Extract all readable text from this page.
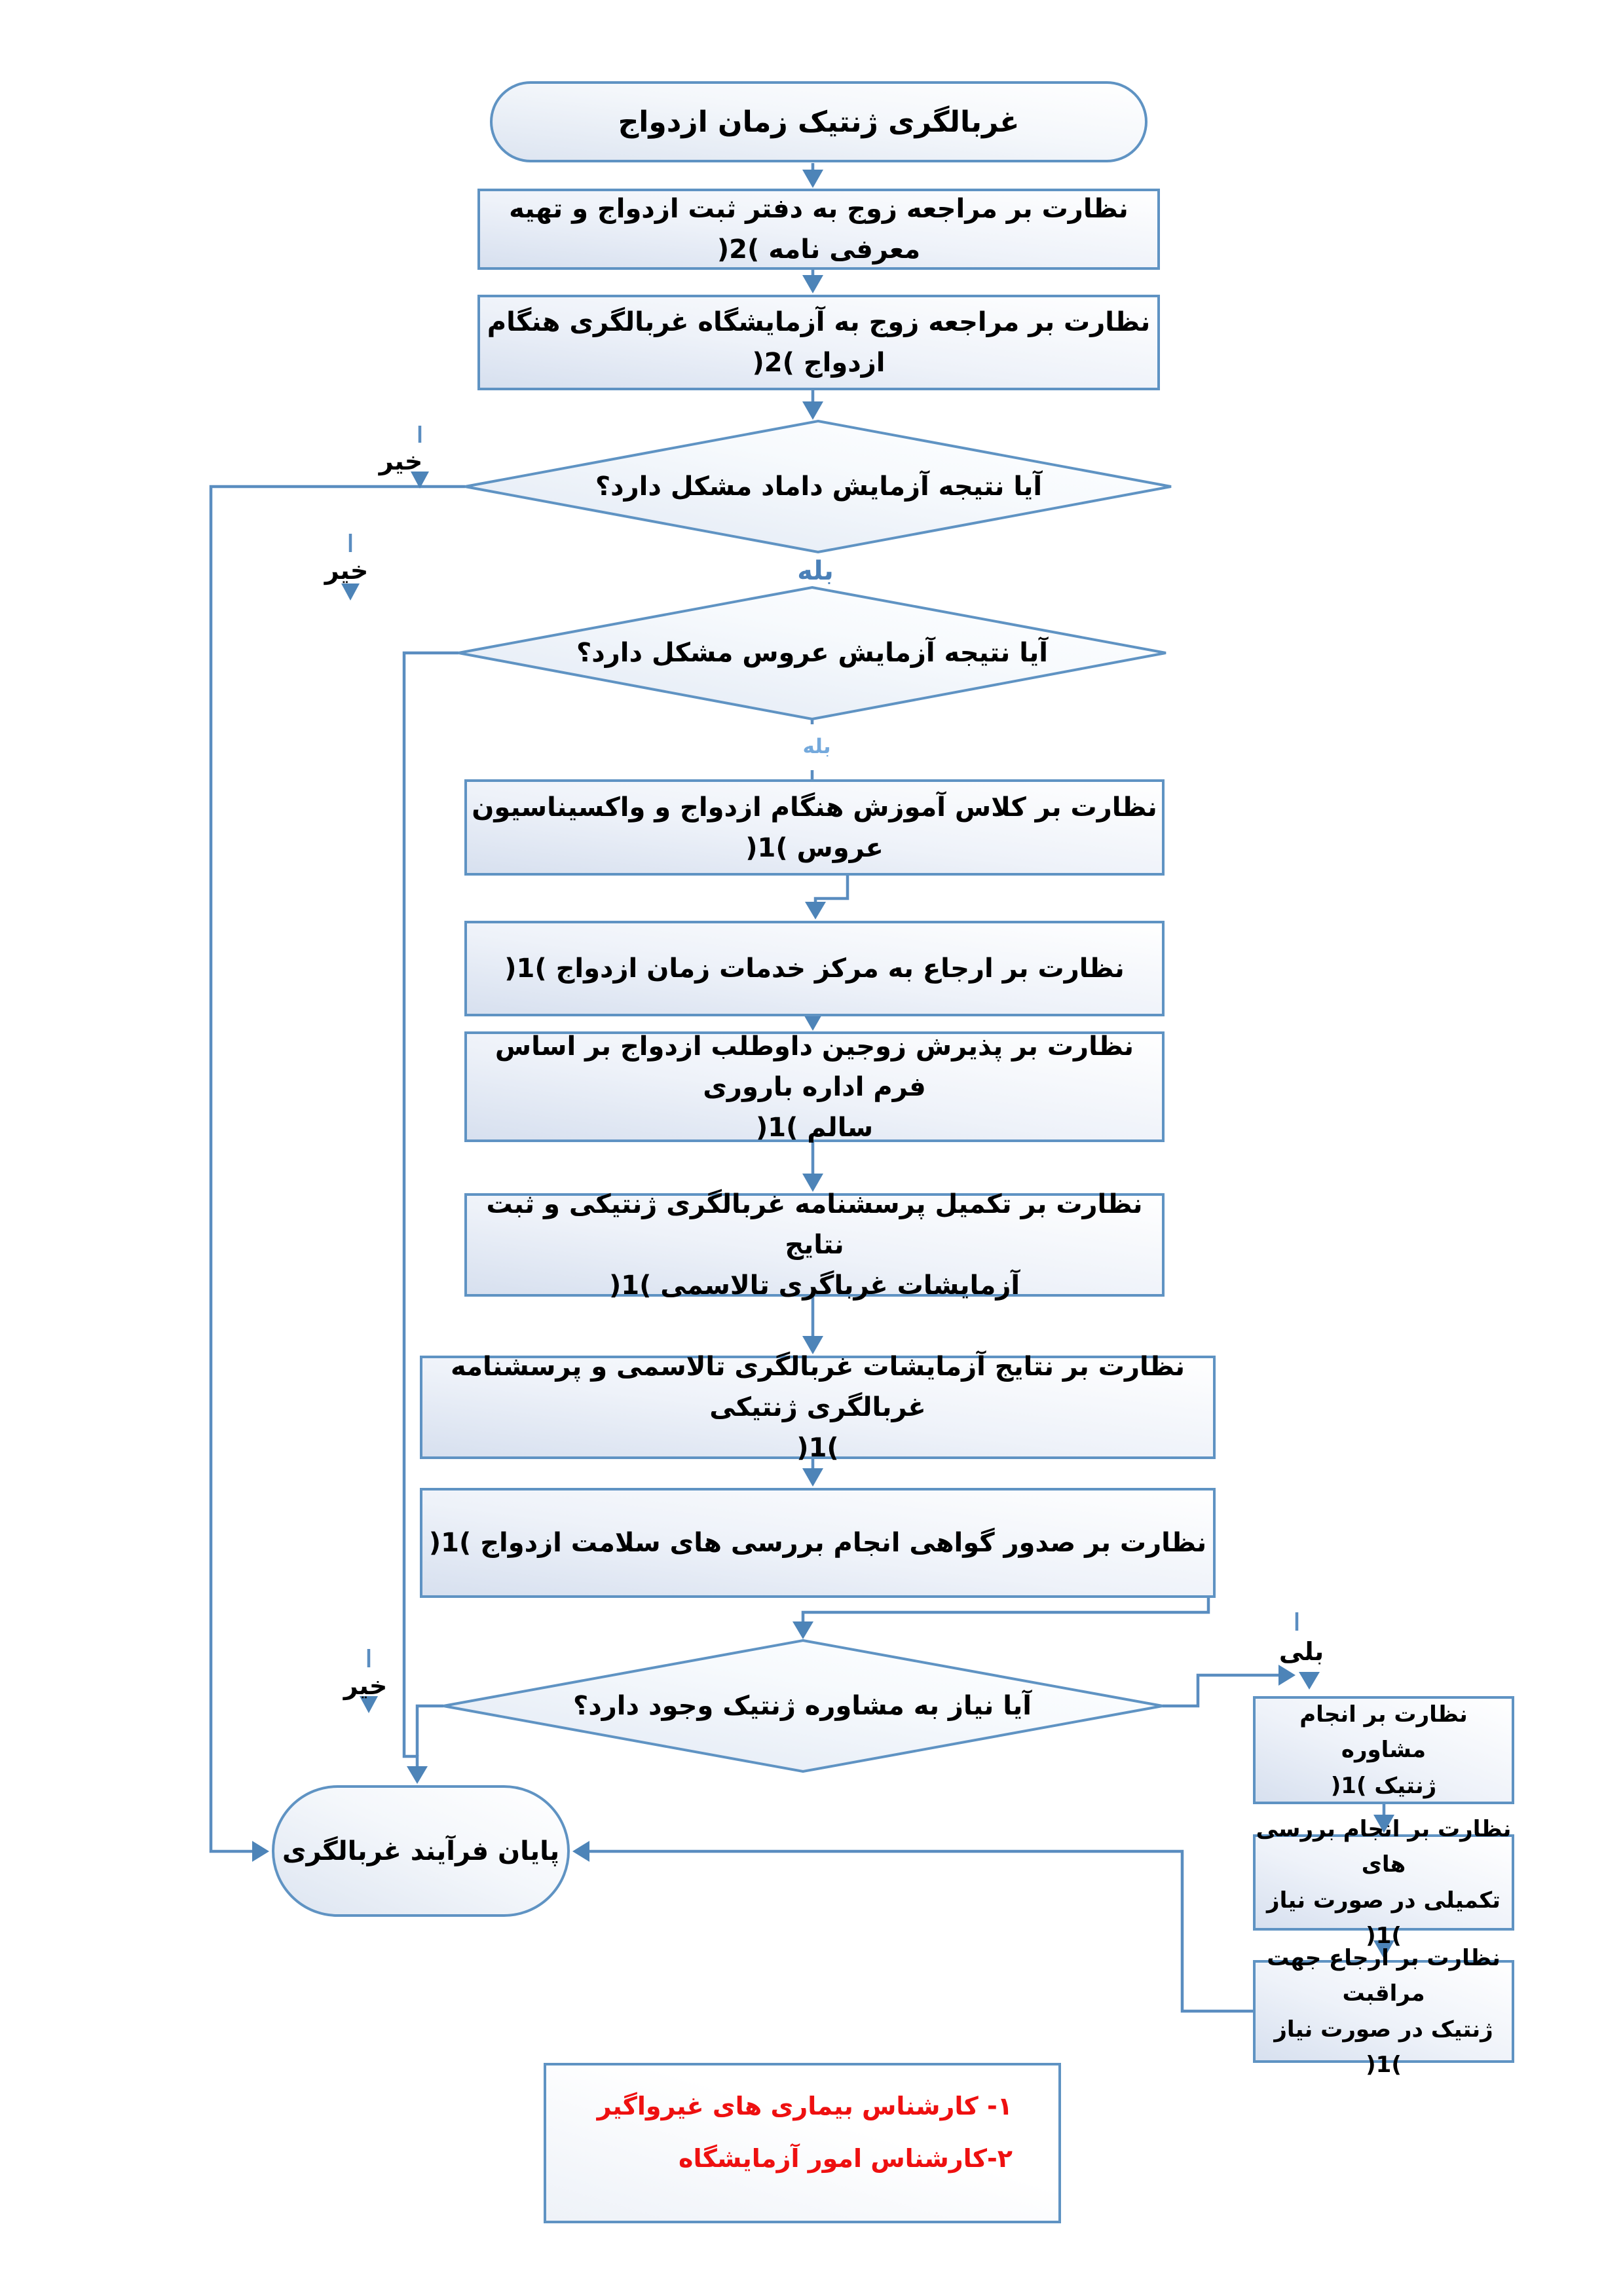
غربالگری ژنتیک زمان ازدواج
نظارت بر مراجعه زوج به دفتر ثبت ازدواج و تهیه معرفی نامه )2(
نظارت بر مراجعه زوج به آزمایشگاه غربالگری هنگام ازدواج )2(
آیا نتیجه آزمایش داماد مشکل دارد؟
آیا نتیجه آزمایش عروس مشکل دارد؟
نظارت بر کلاس آموزش هنگام ازدواج و واکسیناسیون عروس )1(
نظارت بر ارجاع به مرکز خدمات زمان ازدواج )1(
نظارت بر پذیرش زوجین داوطلب ازدواج بر اساس فرم اداره باروری
سالم )1(
نظارت بر تکمیل پرسشنامه غربالگری ژنتیکی و ثبت نتایج
آزمایشات غرباگری تالاسمی )1(
نظارت بر نتایج آزمایشات غربالگری تالاسمی و پرسشنامه غربالگری ژنتیکی
)1(
نظارت بر صدور گواهی انجام بررسی های سلامت ازدواج )1(
آیا نیاز به مشاوره ژنتیک وجود دارد؟	نظارت بر انجام مشاوره
ژنتیک )1(
نظارت بر انجام بررسی های
تکمیلی در صورت نیاز )1(
نظارت بر ارجاع جهت مراقبت
ژنتیک در صورت نیاز )1(
پایان فرآیند غربالگری
خیر
خیر
خیر
بله
بله
بلی
۱- کارشناس بیماری های غیرواگیر
۲-کارشناس امور آزمایشگاه
